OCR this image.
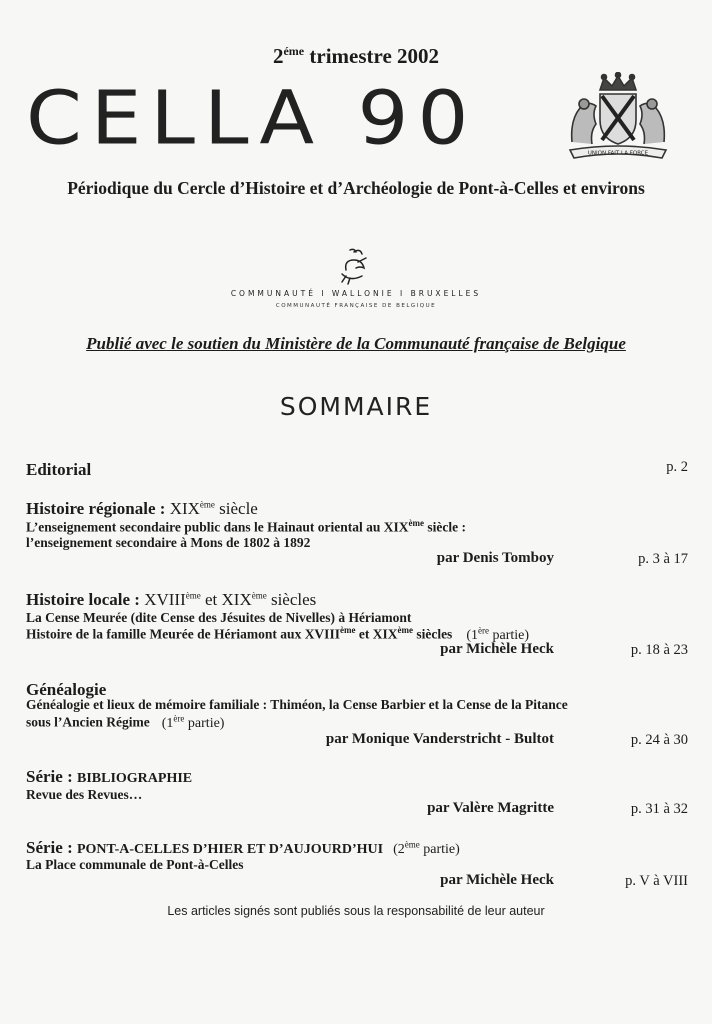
$2^{éme}$ trimestre 2002
CELLA 90	UNION FAIT LA FORCE
Périodique du Cercle d’Histoire et d’Archéologie de Pont-à-Celles et environs
COMMUNAUTÉ I WALLONIE I BRUXELLES
COMMUNAUTÉ FRANÇAISE DE BELGIQUE
Publié avec le soutien du Ministère de la Communauté française de Belgique
SOMMAIRE
Editorial	p. 2
Histoire régionale : XIXème siècle
L’enseignement secondaire public dans le Hainaut oriental au XIXème siècle :
l’enseignement secondaire à Mons de 1802 à 1892
par Denis Tomboy	p. 3 à 17
Histoire locale : XVIIIème et XIXème siècles
La Cense Meurée (dite Cense des Jésuites de Nivelles) à Hériamont
Histoire de la famille Meurée de Hériamont aux XVIIIème et XIXème siècles (1ère partie)
par Michèle Heck	p. 18 à 23
Généalogie
Généalogie et lieux de mémoire familiale : Thiméon, la Cense Barbier et la Cense de la Pitance
sous l’Ancien Régime (1ère partie)
par Monique Vanderstricht - Bultot	p. 24 à 30
Série : BIBLIOGRAPHIE
Revue des Revues…
par Valère Magritte	p. 31 à 32
Série : PONT-A-CELLES D’HIER ET D’AUJOURD’HUI (2ème partie)
La Place communale de Pont-à-Celles
par Michèle Heck	p. V à VIII
Les articles signés sont publiés sous la responsabilité de leur auteur
